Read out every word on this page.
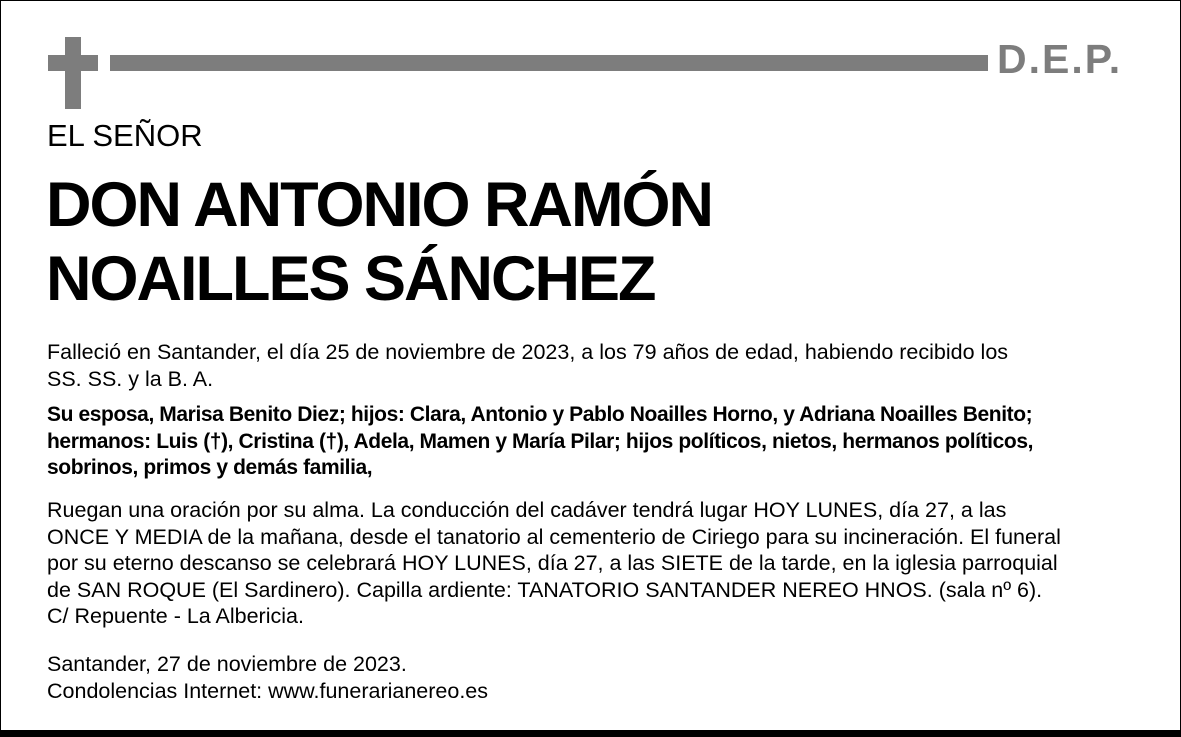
D.E.P.
EL SEÑOR
DON ANTONIO RAMÓN
NOAILLES SÁNCHEZ
Falleció en Santander, el día 25 de noviembre de 2023, a los 79 años de edad, habiendo recibido los
SS. SS. y la B. A.
Su esposa, Marisa Benito Diez; hijos: Clara, Antonio y Pablo Noailles Horno, y Adriana Noailles Benito;
hermanos: Luis (†), Cristina (†), Adela, Mamen y María Pilar; hijos políticos, nietos, hermanos políticos,
sobrinos, primos y demás familia,
Ruegan una oración por su alma. La conducción del cadáver tendrá lugar HOY LUNES, día 27, a las
ONCE Y MEDIA de la mañana, desde el tanatorio al cementerio de Ciriego para su incineración. El funeral
por su eterno descanso se celebrará HOY LUNES, día 27, a las SIETE de la tarde, en la iglesia parroquial
de SAN ROQUE (El Sardinero). Capilla ardiente: TANATORIO SANTANDER NEREO HNOS. (sala nº 6).
C/ Repuente - La Albericia.
Santander, 27 de noviembre de 2023.
Condolencias Internet: www.funerarianereo.es
